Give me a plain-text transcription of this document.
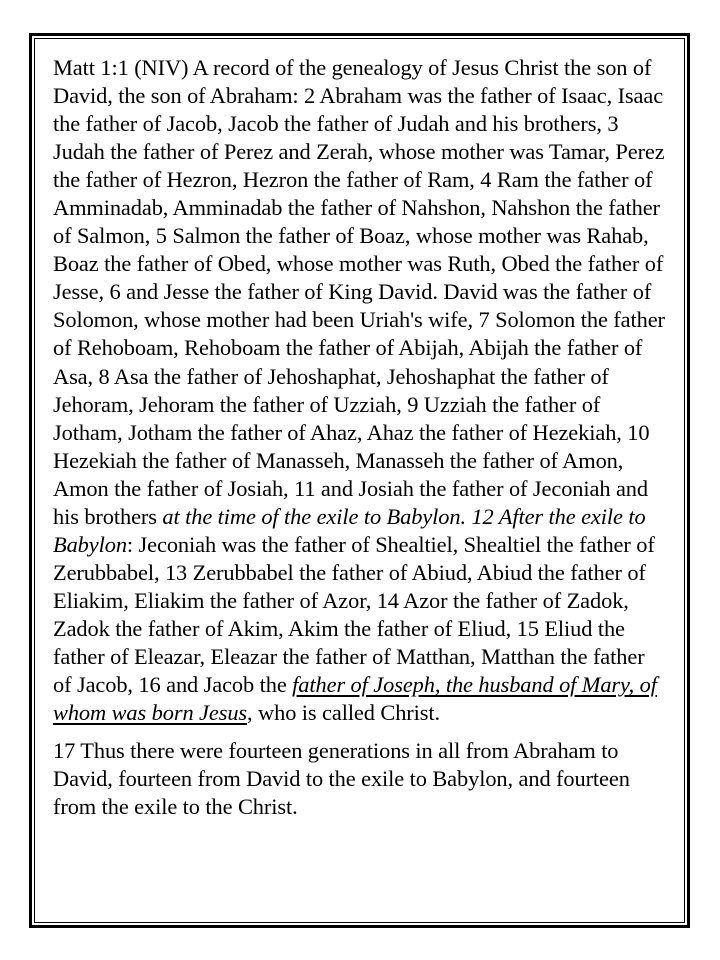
Matt 1:1 (NIV) A record of the genealogy of Jesus Christ the son of David, the son of Abraham: 2 Abraham was the father of Isaac, Isaac the father of Jacob, Jacob the father of Judah and his brothers, 3 Judah the father of Perez and Zerah, whose mother was Tamar, Perez the father of Hezron, Hezron the father of Ram, 4 Ram the father of Amminadab, Amminadab the father of Nahshon, Nahshon the father of Salmon, 5 Salmon the father of Boaz, whose mother was Rahab, Boaz the father of Obed, whose mother was Ruth, Obed the father of Jesse, 6 and Jesse the father of King David. David was the father of Solomon, whose mother had been Uriah's wife, 7 Solomon the father of Rehoboam, Rehoboam the father of Abijah, Abijah the father of Asa, 8 Asa the father of Jehoshaphat, Jehoshaphat the father of Jehoram, Jehoram the father of Uzziah, 9 Uzziah the father of Jotham, Jotham the father of Ahaz, Ahaz the father of Hezekiah, 10 Hezekiah the father of Manasseh, Manasseh the father of Amon, Amon the father of Josiah, 11 and Josiah the father of Jeconiah and his brothers at the time of the exile to Babylon. 12 After the exile to Babylon: Jeconiah was the father of Shealtiel, Shealtiel the father of Zerubbabel, 13 Zerubbabel the father of Abiud, Abiud the father of Eliakim, Eliakim the father of Azor, 14 Azor the father of Zadok, Zadok the father of Akim, Akim the father of Eliud, 15 Eliud the father of Eleazar, Eleazar the father of Matthan, Matthan the father of Jacob, 16 and Jacob the father of Joseph, the husband of Mary, of whom was born Jesus, who is called Christ.

17 Thus there were fourteen generations in all from Abraham to David, fourteen from David to the exile to Babylon, and fourteen from the exile to the Christ.
